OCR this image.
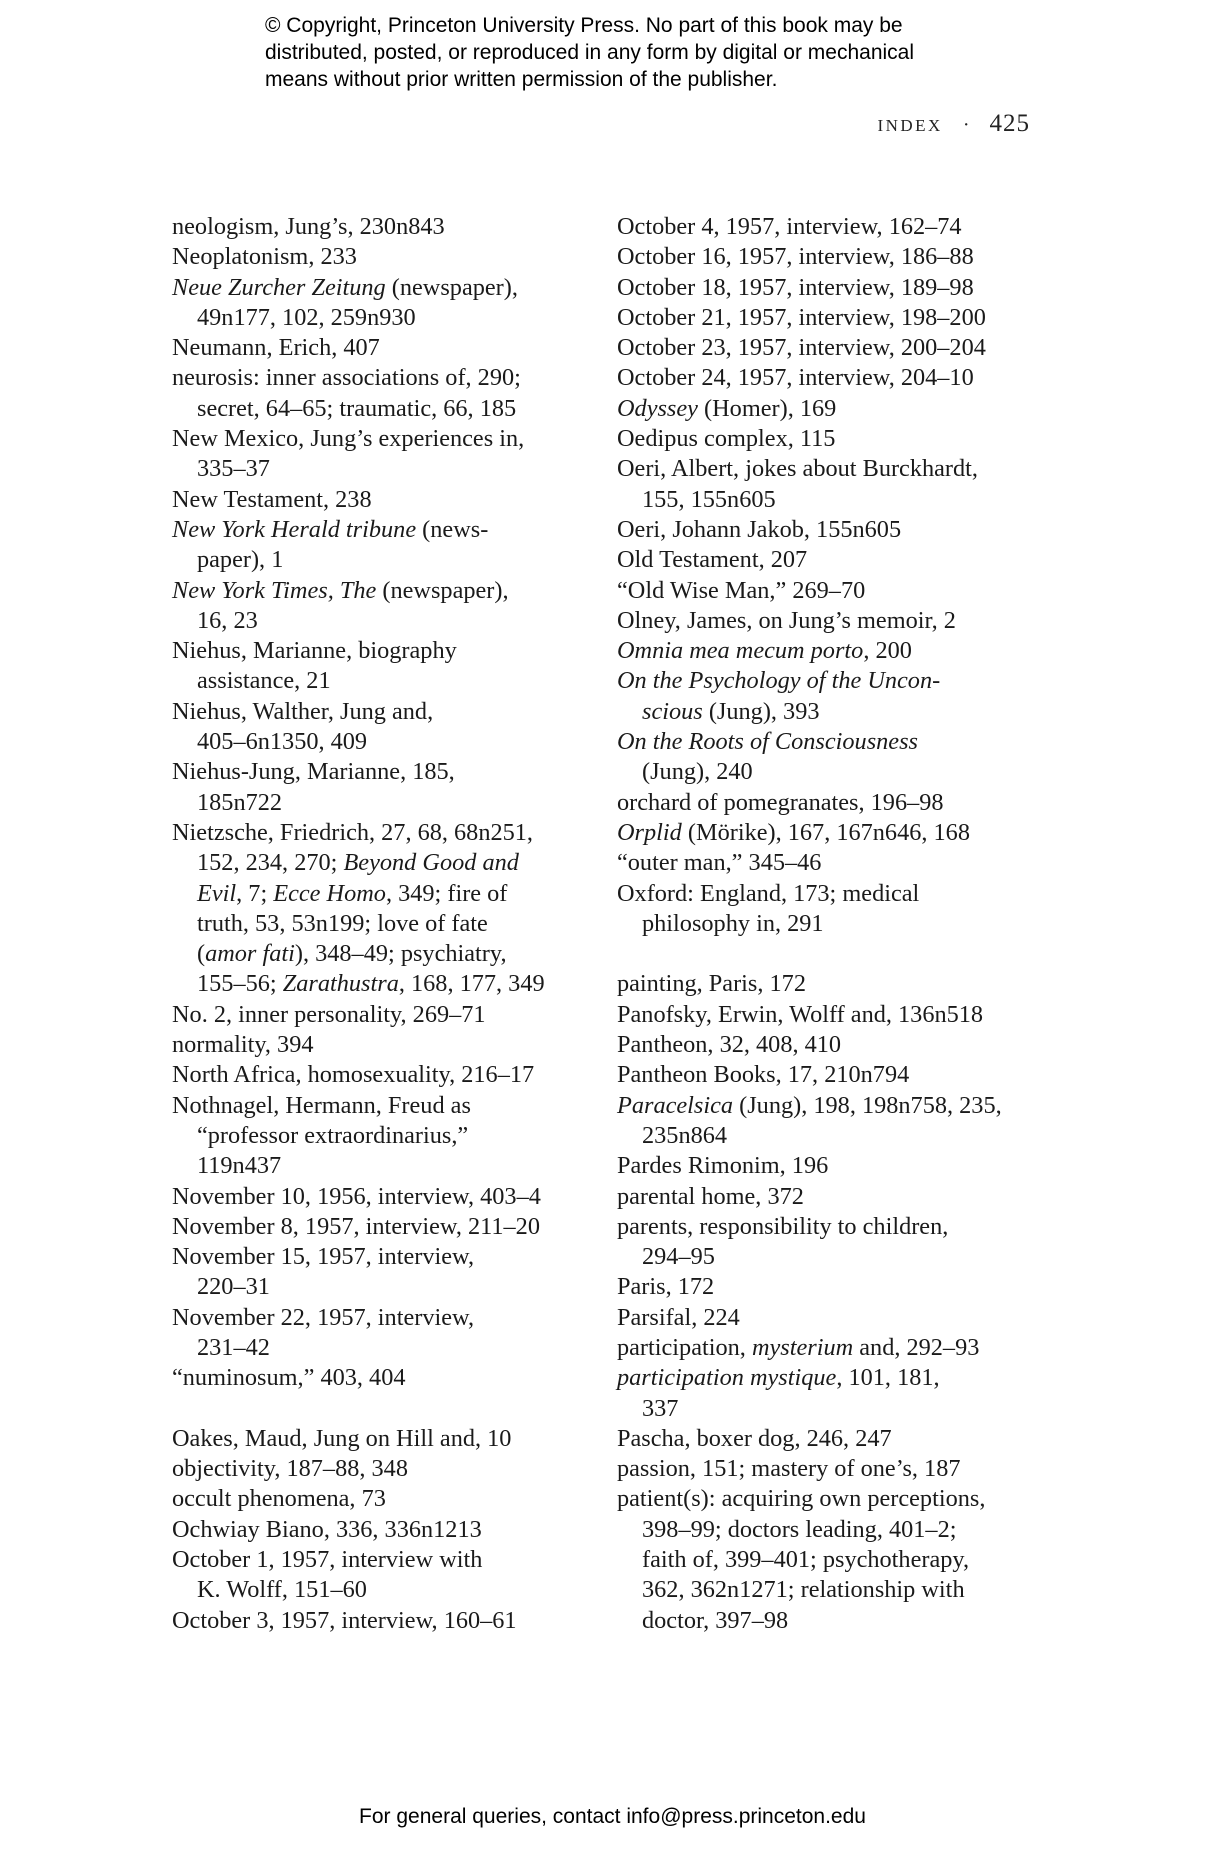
© Copyright, Princeton University Press. No part of this book may be
distributed, posted, or reproduced in any form by digital or mechanical
means without prior written permission of the publisher.
INDEX · 425
neologism, Jung’s, 230n843
Neoplatonism, 233
Neue Zurcher Zeitung (newspaper),
49n177, 102, 259n930
Neumann, Erich, 407
neurosis: inner associations of, 290;
secret, 64–65; traumatic, 66, 185
New Mexico, Jung’s experiences in,
335–37
New Testament, 238
New York Herald tribune (news-
paper), 1
New York Times, The (newspaper),
16, 23
Niehus, Marianne, biography
assistance, 21
Niehus, Walther, Jung and,
405–6n1350, 409
Niehus-Jung, Marianne, 185,
185n722
Nietzsche, Friedrich, 27, 68, 68n251,
152, 234, 270; Beyond Good and
Evil, 7; Ecce Homo, 349; fire of
truth, 53, 53n199; love of fate
(amor fati), 348–49; psychiatry,
155–56; Zarathustra, 168, 177, 349
No. 2, inner personality, 269–71
normality, 394
North Africa, homosexuality, 216–17
Nothnagel, Hermann, Freud as
“professor extraordinarius,”
119n437
November 10, 1956, interview, 403–4
November 8, 1957, interview, 211–20
November 15, 1957, interview,
220–31
November 22, 1957, interview,
231–42
“numinosum,” 403, 404
Oakes, Maud, Jung on Hill and, 10
objectivity, 187–88, 348
occult phenomena, 73
Ochwiay Biano, 336, 336n1213
October 1, 1957, interview with
K. Wolff, 151–60
October 3, 1957, interview, 160–61
October 4, 1957, interview, 162–74
October 16, 1957, interview, 186–88
October 18, 1957, interview, 189–98
October 21, 1957, interview, 198–200
October 23, 1957, interview, 200–204
October 24, 1957, interview, 204–10
Odyssey (Homer), 169
Oedipus complex, 115
Oeri, Albert, jokes about Burckhardt,
155, 155n605
Oeri, Johann Jakob, 155n605
Old Testament, 207
“Old Wise Man,” 269–70
Olney, James, on Jung’s memoir, 2
Omnia mea mecum porto, 200
On the Psychology of the Uncon-
scious (Jung), 393
On the Roots of Consciousness
(Jung), 240
orchard of pomegranates, 196–98
Orplid (Mörike), 167, 167n646, 168
“outer man,” 345–46
Oxford: England, 173; medical
philosophy in, 291
painting, Paris, 172
Panofsky, Erwin, Wolff and, 136n518
Pantheon, 32, 408, 410
Pantheon Books, 17, 210n794
Paracelsica (Jung), 198, 198n758, 235,
235n864
Pardes Rimonim, 196
parental home, 372
parents, responsibility to children,
294–95
Paris, 172
Parsifal, 224
participation, mysterium and, 292–93
participation mystique, 101, 181,
337
Pascha, boxer dog, 246, 247
passion, 151; mastery of one’s, 187
patient(s): acquiring own perceptions,
398–99; doctors leading, 401–2;
faith of, 399–401; psychotherapy,
362, 362n1271; relationship with
doctor, 397–98
For general queries, contact info@press.princeton.edu
